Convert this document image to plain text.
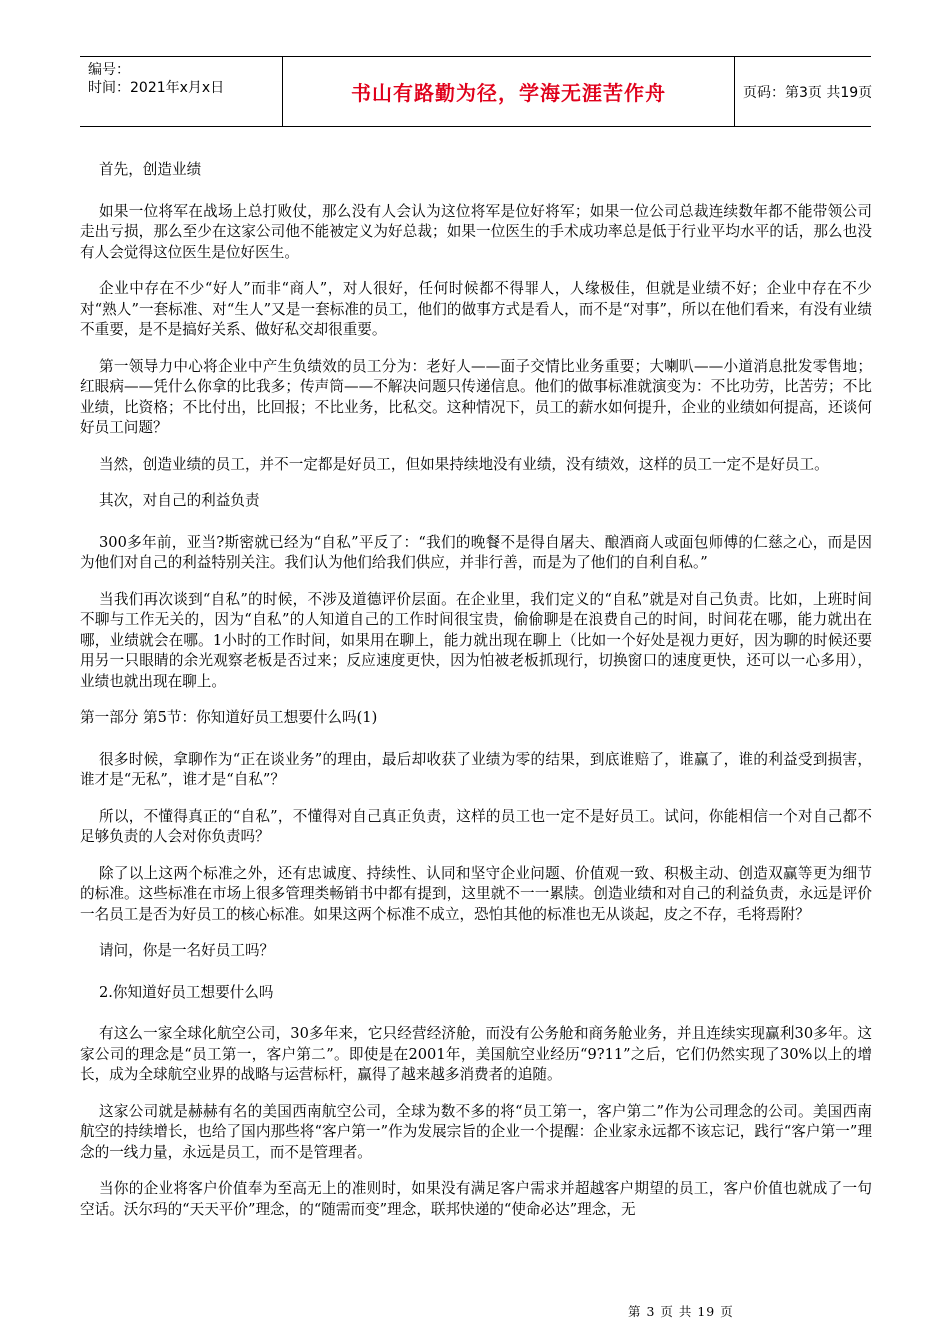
编号：
时间：2021年x月x日	书山有路勤为径，学海无涯苦作舟	页码：第3页 共19页

首先，创造业绩

如果一位将军在战场上总打败仗，那么没有人会认为这位将军是位好将军；如果一位公司总裁连续数年都不能带领公司走出亏损，那么至少在这家公司他不能被定义为好总裁；如果一位医生的手术成功率总是低于行业平均水平的话，那么也没有人会觉得这位医生是位好医生。

企业中存在不少“好人”而非“商人”，对人很好，任何时候都不得罪人，人缘极佳，但就是业绩不好；企业中存在不少对“熟人”一套标准、对“生人”又是一套标准的员工，他们的做事方式是看人，而不是“对事”，所以在他们看来，有没有业绩不重要，是不是搞好关系、做好私交却很重要。

第一领导力中心将企业中产生负绩效的员工分为：老好人——面子交情比业务重要；大喇叭——小道消息批发零售地；红眼病——凭什么你拿的比我多；传声筒——不解决问题只传递信息。他们的做事标准就演变为：不比功劳，比苦劳；不比业绩，比资格；不比付出，比回报；不比业务，比私交。这种情况下，员工的薪水如何提升，企业的业绩如何提高，还谈何好员工问题？

当然，创造业绩的员工，并不一定都是好员工，但如果持续地没有业绩，没有绩效，这样的员工一定不是好员工。

其次，对自己的利益负责

300多年前，亚当?斯密就已经为“自私”平反了：“我们的晚餐不是得自屠夫、酿酒商人或面包师傅的仁慈之心，而是因为他们对自己的利益特别关注。我们认为他们给我们供应，并非行善，而是为了他们的自利自私。”

当我们再次谈到“自私”的时候，不涉及道德评价层面。在企业里，我们定义的“自私”就是对自己负责。比如，上班时间不聊与工作无关的，因为“自私”的人知道自己的工作时间很宝贵，偷偷聊是在浪费自己的时间，时间花在哪，能力就出在哪，业绩就会在哪。1小时的工作时间，如果用在聊上，能力就出现在聊上（比如一个好处是视力更好，因为聊的时候还要用另一只眼睛的余光观察老板是否过来；反应速度更快，因为怕被老板抓现行，切换窗口的速度更快，还可以一心多用），业绩也就出现在聊上。

第一部分 第5节：你知道好员工想要什么吗(1)

很多时候，拿聊作为“正在谈业务”的理由，最后却收获了业绩为零的结果，到底谁赔了，谁赢了，谁的利益受到损害，谁才是“无私”，谁才是“自私”？

所以，不懂得真正的“自私”，不懂得对自己真正负责，这样的员工也一定不是好员工。试问，你能相信一个对自己都不足够负责的人会对你负责吗？

除了以上这两个标准之外，还有忠诚度、持续性、认同和坚守企业问题、价值观一致、积极主动、创造双赢等更为细节的标准。这些标准在市场上很多管理类畅销书中都有提到，这里就不一一累牍。创造业绩和对自己的利益负责，永远是评价一名员工是否为好员工的核心标准。如果这两个标准不成立，恐怕其他的标准也无从谈起，皮之不存，毛将焉附？

请问，你是一名好员工吗？

2.你知道好员工想要什么吗

有这么一家全球化航空公司，30多年来，它只经营经济舱，而没有公务舱和商务舱业务，并且连续实现赢利30多年。这家公司的理念是“员工第一，客户第二”。即使是在2001年，美国航空业经历“9?11”之后，它们仍然实现了30%以上的增长，成为全球航空业界的战略与运营标杆，赢得了越来越多消费者的追随。

这家公司就是赫赫有名的美国西南航空公司，全球为数不多的将“员工第一，客户第二”作为公司理念的公司。美国西南航空的持续增长，也给了国内那些将“客户第一”作为发展宗旨的企业一个提醒：企业家永远都不该忘记，践行“客户第一”理念的一线力量，永远是员工，而不是管理者。

当你的企业将客户价值奉为至高无上的准则时，如果没有满足客户需求并超越客户期望的员工，客户价值也就成了一句空话。沃尔玛的“天天平价”理念，的“随需而变”理念，联邦快递的“使命必达”理念，无

第 3 页 共 19 页
